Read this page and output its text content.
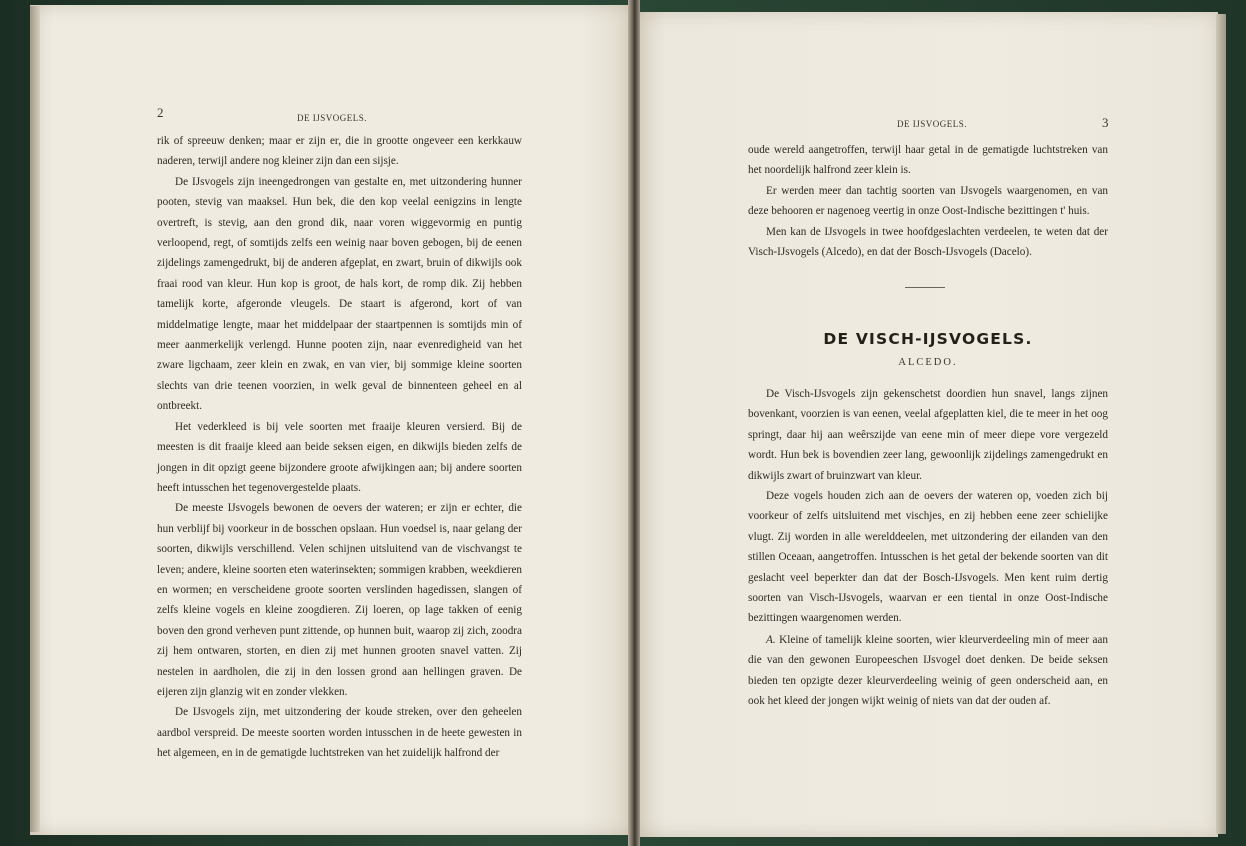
2	DE IJSVOGELS.

rik of spreeuw denken; maar er zijn er, die in grootte ongeveer een kerkkauw naderen, terwijl andere nog kleiner zijn dan een sijsje.

De IJsvogels zijn ineengedrongen van gestalte en, met uitzondering hunner pooten, stevig van maaksel. Hun bek, die den kop veelal eenigzins in lengte overtreft, is stevig, aan den grond dik, naar voren wiggevormig en puntig verloopend, regt, of somtijds zelfs een weinig naar boven gebogen, bij de eenen zijdelings zamengedrukt, bij de anderen afgeplat, en zwart, bruin of dikwijls ook fraai rood van kleur. Hun kop is groot, de hals kort, de romp dik. Zij hebben tamelijk korte, afgeronde vleugels. De staart is afgerond, kort of van middelmatige lengte, maar het middelpaar der staartpennen is somtijds min of meer aanmerkelijk verlengd. Hunne pooten zijn, naar evenredigheid van het zware ligchaam, zeer klein en zwak, en van vier, bij sommige kleine soorten slechts van drie teenen voorzien, in welk geval de binnenteen geheel en al ontbreekt.

Het vederkleed is bij vele soorten met fraaije kleuren versierd. Bij de meesten is dit fraaije kleed aan beide seksen eigen, en dikwijls bieden zelfs de jongen in dit opzigt geene bijzondere groote afwijkingen aan; bij andere soorten heeft intusschen het tegenovergestelde plaats.

De meeste IJsvogels bewonen de oevers der wateren; er zijn er echter, die hun verblijf bij voorkeur in de bosschen opslaan. Hun voedsel is, naar gelang der soorten, dikwijls verschillend. Velen schijnen uitsluitend van de vischvangst te leven; andere, kleine soorten eten waterinsekten; sommigen krabben, weekdieren en wormen; en verscheidene groote soorten verslinden hagedissen, slangen of zelfs kleine vogels en kleine zoogdieren. Zij loeren, op lage takken of eenig boven den grond verheven punt zittende, op hunnen buit, waarop zij zich, zoodra zij hem ontwaren, storten, en dien zij met hunnen grooten snavel vatten. Zij nestelen in aardholen, die zij in den lossen grond aan hellingen graven. De eijeren zijn glanzig wit en zonder vlekken.

De IJsvogels zijn, met uitzondering der koude streken, over den geheelen aardbol verspreid. De meeste soorten worden intusschen in de heete gewesten in het algemeen, en in de gematigde luchtstreken van het zuidelijk halfrond der

DE IJSVOGELS.	3

oude wereld aangetroffen, terwijl haar getal in de gematigde luchtstreken van het noordelijk halfrond zeer klein is.

Er werden meer dan tachtig soorten van IJsvogels waargenomen, en van deze behooren er nagenoeg veertig in onze Oost-Indische bezittingen t' huis.

Men kan de IJsvogels in twee hoofdgeslachten verdeelen, te weten dat der Visch-IJsvogels (Alcedo), en dat der Bosch-IJsvogels (Dacelo).

DE VISCH-IJSVOGELS.
ALCEDO.

De Visch-IJsvogels zijn gekenschetst doordien hun snavel, langs zijnen bovenkant, voorzien is van eenen, veelal afgeplatten kiel, die te meer in het oog springt, daar hij aan weêrszijde van eene min of meer diepe vore vergezeld wordt. Hun bek is bovendien zeer lang, gewoonlijk zijdelings zamengedrukt en dikwijls zwart of bruinzwart van kleur.

Deze vogels houden zich aan de oevers der wateren op, voeden zich bij voorkeur of zelfs uitsluitend met vischjes, en zij hebben eene zeer schielijke vlugt. Zij worden in alle werelddeelen, met uitzondering der eilanden van den stillen Oceaan, aangetroffen. Intusschen is het getal der bekende soorten van dit geslacht veel beperkter dan dat der Bosch-IJsvogels. Men kent ruim dertig soorten van Visch-IJsvogels, waarvan er een tiental in onze Oost-Indische bezittingen waargenomen werden.

A. Kleine of tamelijk kleine soorten, wier kleurverdeeling min of meer aan die van den gewonen Europeeschen IJsvogel doet denken. De beide seksen bieden ten opzigte dezer kleurverdeeling weinig of geen onderscheid aan, en ook het kleed der jongen wijkt weinig of niets van dat der ouden af.
